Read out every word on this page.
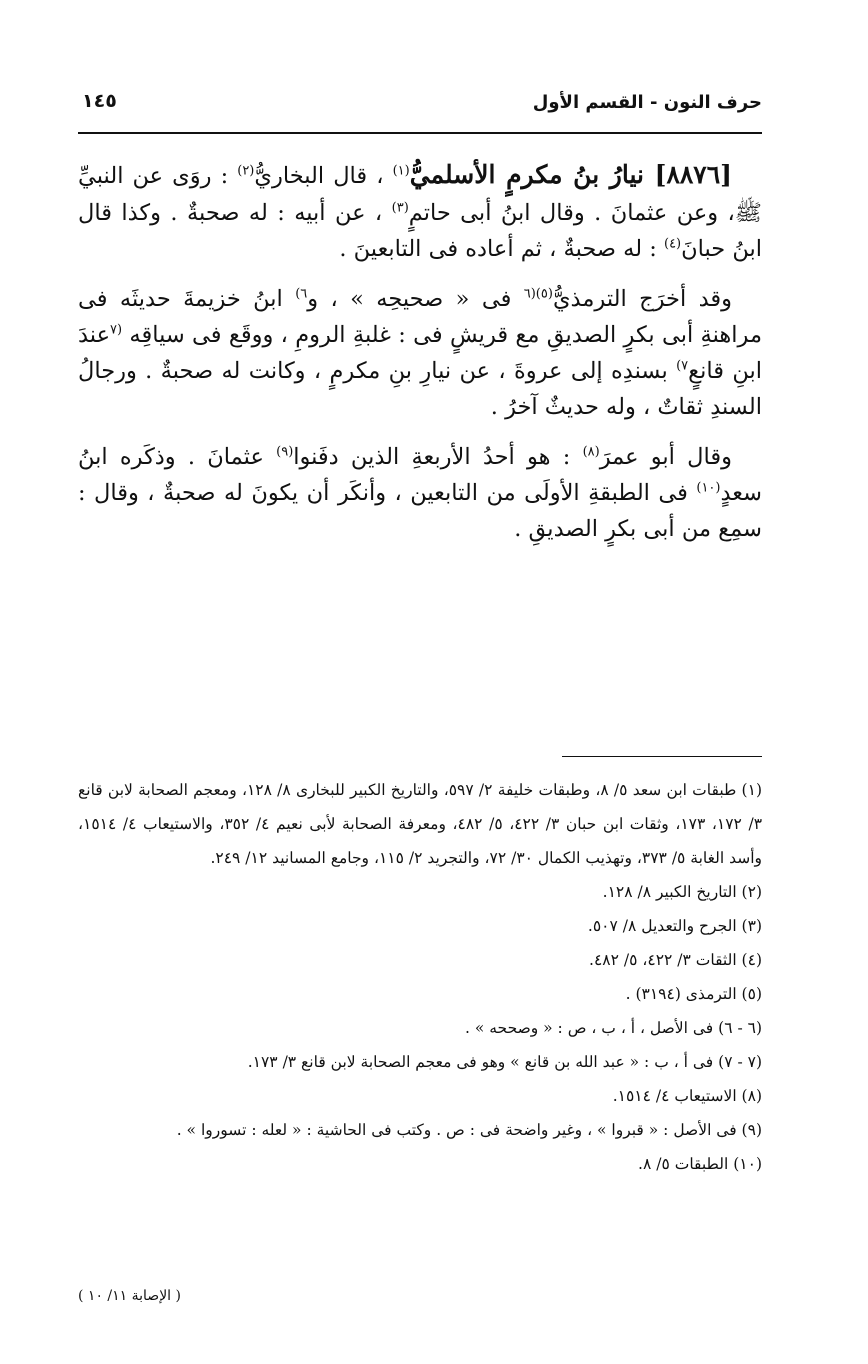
حرف النون - القسم الأول
١٤٥

[٨٨٧٦] نيارُ بنُ مكرمٍ الأسلميُّ$^{(١)}$ ، قال البخاريُّ$^{(٢)}$ : روَى عن النبيِّ ﷺ، وعن عثمانَ . وقال ابنُ أبى حاتمٍ$^{(٣)}$ ، عن أبيه : له صحبةٌ . وكذا قال ابنُ حبانَ$^{(٤)}$ : له صحبةٌ ، ثم أعاده فى التابعينَ .

وقد أخرَج الترمذيُّ$^{(٥)(٦}$ فى « صحيحِه » ، و$^{٦)}$ ابنُ خزيمةَ حديثَه فى مراهنةِ أبى بكرٍ الصديقِ مع قريشٍ فى : غلبةِ الرومِ ، ووقَع فى سياقِه $^{(٧}$عندَ ابنِ قانعٍ$^{٧)}$ بسندِه إلى عروةَ ، عن نيارِ بنِ مكرمٍ ، وكانت له صحبةٌ . ورجالُ السندِ ثقاتٌ ، وله حديثٌ آخرُ .

وقال أبو عمرَ$^{(٨)}$ : هو أحدُ الأربعةِ الذين دفَنوا$^{(٩)}$ عثمانَ . وذكَره ابنُ سعدٍ$^{(١٠)}$ فى الطبقةِ الأولَى من التابعين ، وأنكَر أن يكونَ له صحبةٌ ، وقال : سمِع من أبى بكرٍ الصديقِ .

(١) طبقات ابن سعد ٥/ ٨، وطبقات خليفة ٢/ ٥٩٧، والتاريخ الكبير للبخارى ٨/ ١٢٨، ومعجم الصحابة لابن قانع ٣/ ١٧٢، ١٧٣، وثقات ابن حبان ٣/ ٤٢٢، ٥/ ٤٨٢، ومعرفة الصحابة لأبى نعيم ٤/ ٣٥٢، والاستيعاب ٤/ ١٥١٤، وأسد الغابة ٥/ ٣٧٣، وتهذيب الكمال ٣٠/ ٧٢، والتجريد ٢/ ١١٥، وجامع المسانيد ١٢/ ٢٤٩.

(٢) التاريخ الكبير ٨/ ١٢٨.

(٣) الجرح والتعديل ٨/ ٥٠٧.

(٤) الثقات ٣/ ٤٢٢، ٥/ ٤٨٢.

(٥) الترمذى (٣١٩٤) .

(٦ - ٦) فى الأصل ، أ ، ب ، ص : « وصححه » .

(٧ - ٧) فى أ ، ب : « عبد الله بن قانع » وهو فى معجم الصحابة لابن قانع ٣/ ١٧٣.

(٨) الاستيعاب ٤/ ١٥١٤.

(٩) فى الأصل : « قبروا » ، وغير واضحة فى : ص . وكتب فى الحاشية : « لعله : تسوروا » .

(١٠) الطبقات ٥/ ٨.

( الإصابة ١١/ ١٠ )
